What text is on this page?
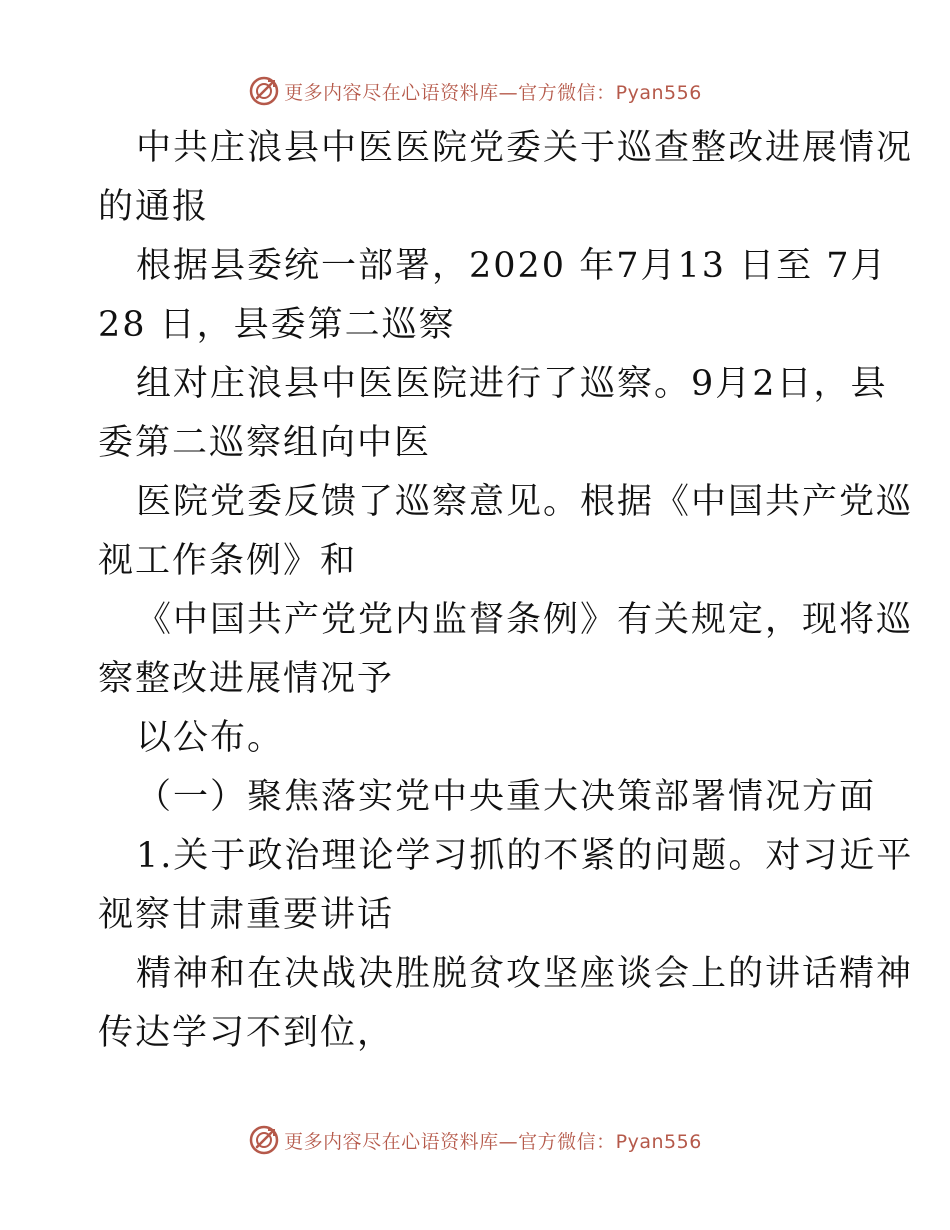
更多内容尽在心语资料库—官方微信：Pyan556

中共庄浪县中医医院党委关于巡查整改进展情况

的通报

根据县委统一部署，2020 年7月13 日至 7月

28 日，县委第二巡察

组对庄浪县中医医院进行了巡察。9月2日，县

委第二巡察组向中医

医院党委反馈了巡察意见。根据《中国共产党巡

视工作条例》和

《中国共产党党内监督条例》有关规定，现将巡

察整改进展情况予

以公布。

（一）聚焦落实党中央重大决策部署情况方面

1.关于政治理论学习抓的不紧的问题。对习近平

视察甘肃重要讲话

精神和在决战决胜脱贫攻坚座谈会上的讲话精神

传达学习不到位，

更多内容尽在心语资料库—官方微信：Pyan556
